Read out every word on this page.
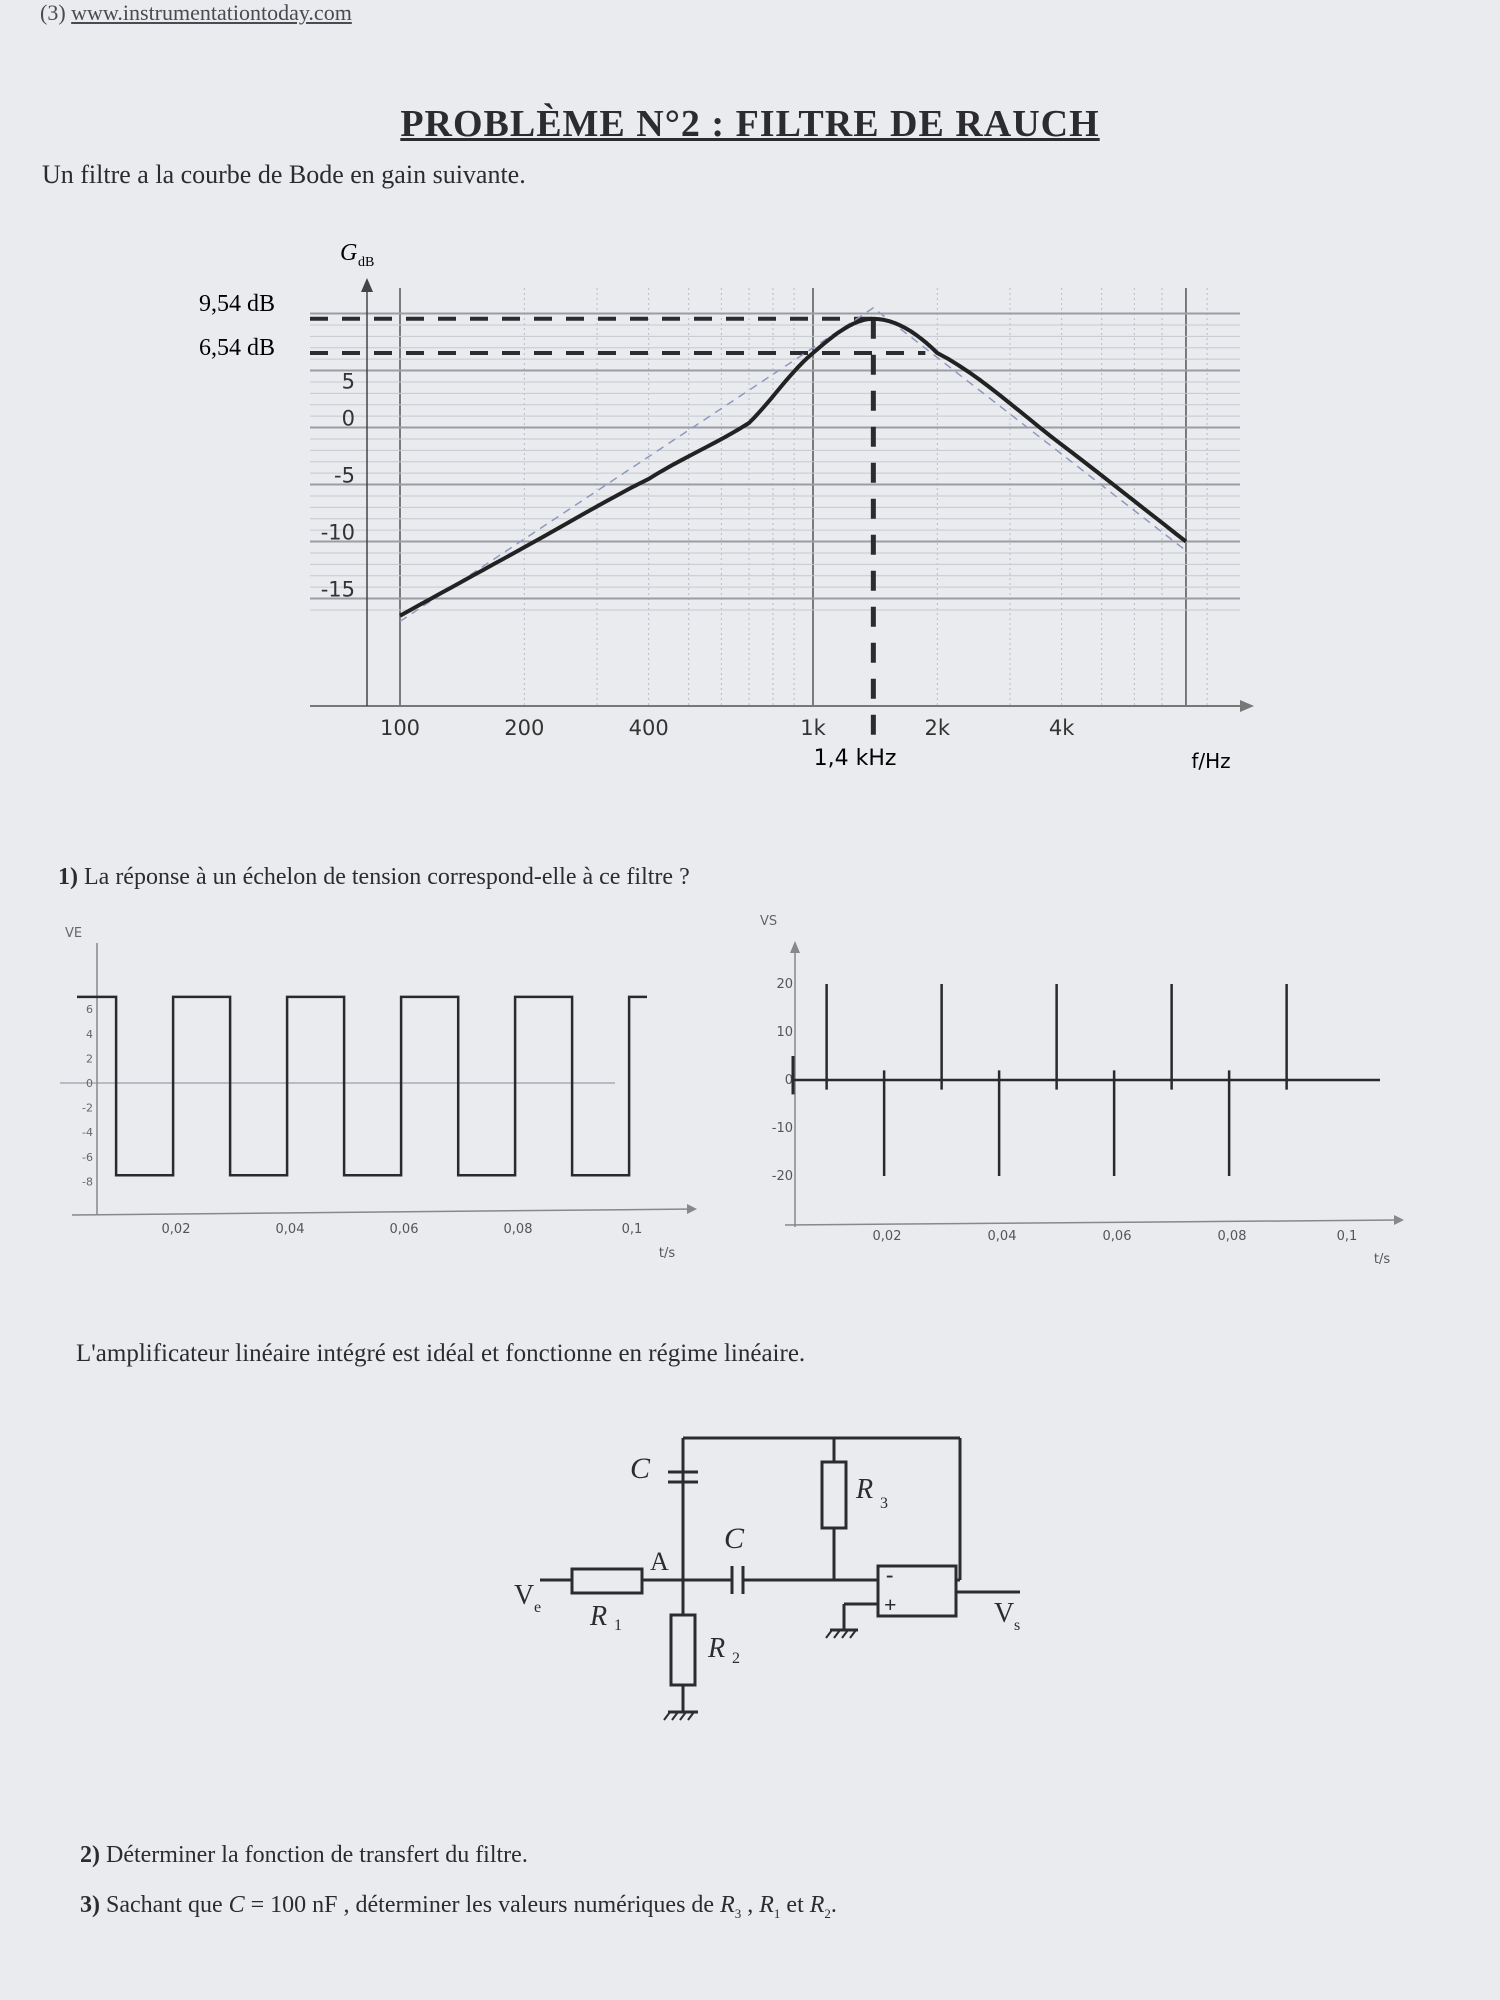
(3) www.instrumentationtoday.com
PROBLÈME N°2 : FILTRE DE RAUCH
Un filtre a la courbe de Bode en gain suivante.
G dB
9,54 dB
6,54 dB
1,4 kHz	f/Hz
5
0
-5
-10
-15
100	200	400	1k	2k	4k
1) La réponse à un échelon de tension correspond-elle à ce filtre ?
6
4
2
0
-2
-4
-6
-8
0,02	0,04	0,06	0,08	0,1
VE
t/s
20
10
0
-10
-20
0,02	0,04	0,06	0,08	0,1
VS
t/s
L'amplificateur linéaire intégré est idéal et fonctionne en régime linéaire.
C
C
R 3
A
R 1
R 2
V e	V s
-
+
2) Déterminer la fonction de transfert du filtre.
3) Sachant que C = 100 nF , déterminer les valeurs numériques de $R_3$ , $R_1$ et $R_2$.
